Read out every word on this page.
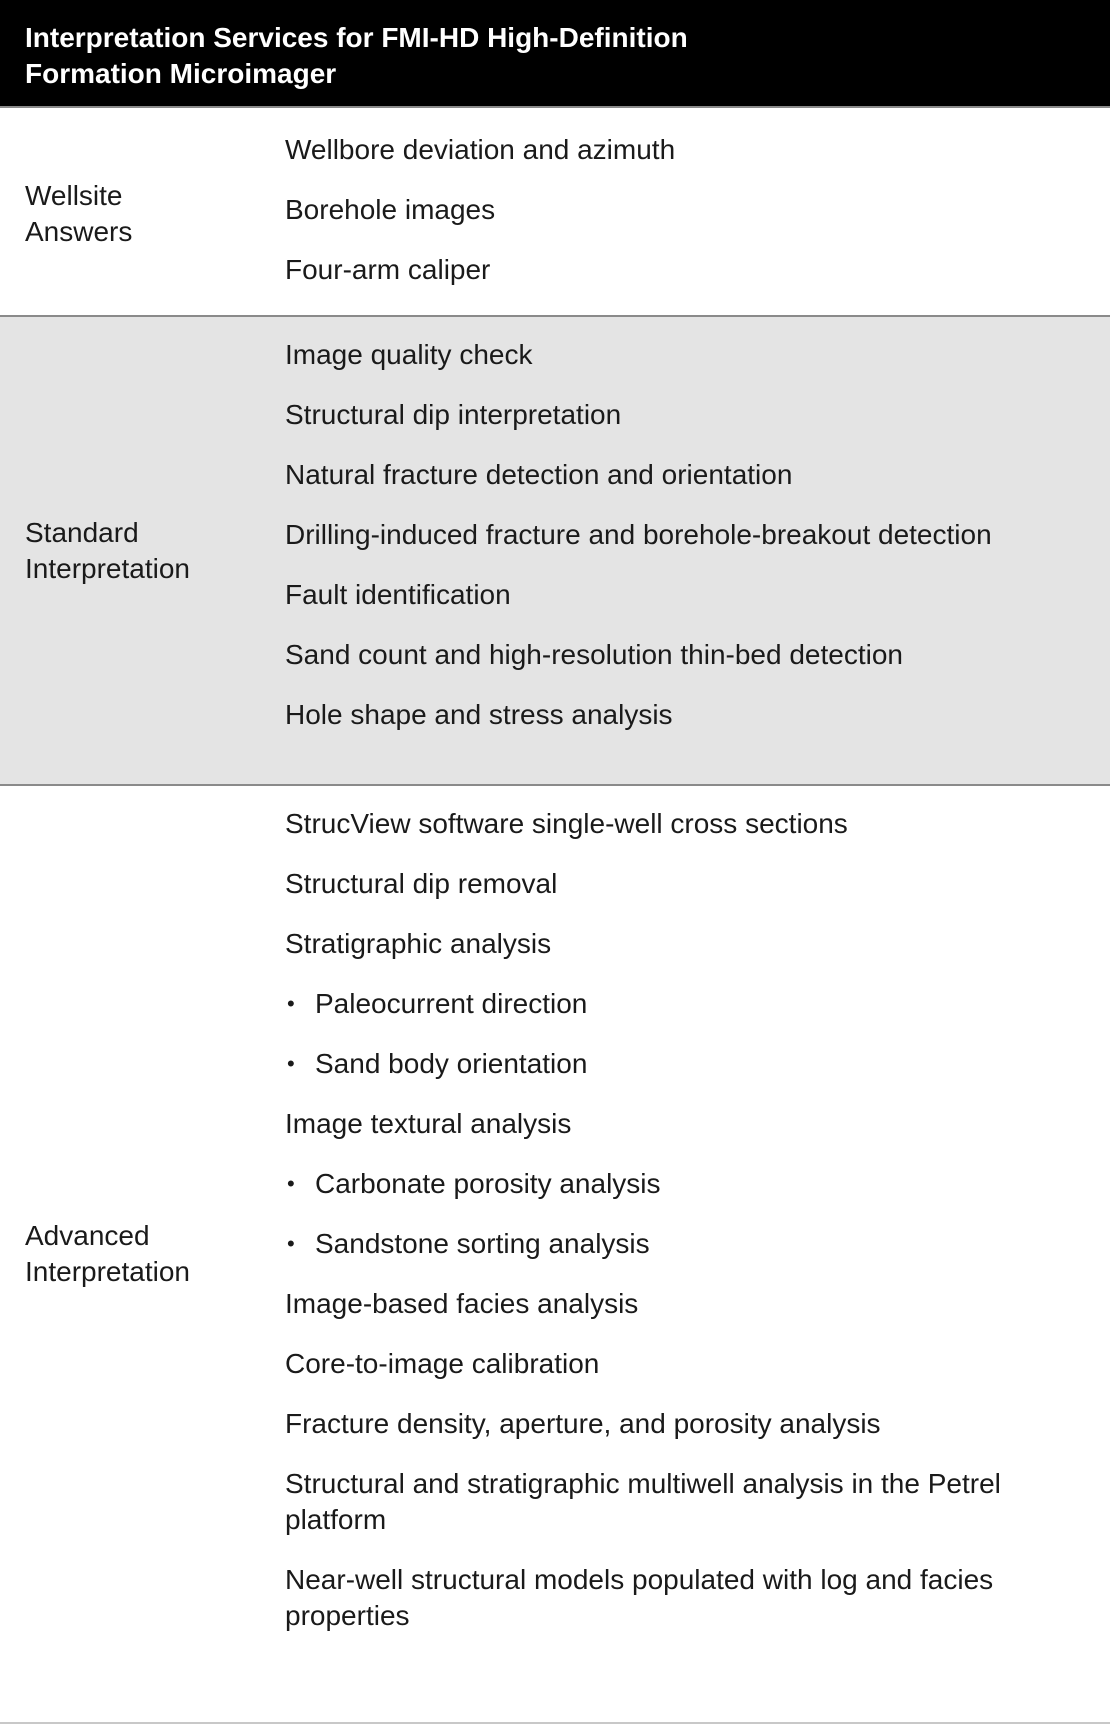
Interpretation Services for FMI-HD High-Definition
Formation Microimager
Wellsite
Answers
Wellbore deviation and azimuth
Borehole images
Four-arm caliper
Standard
Interpretation
Image quality check
Structural dip interpretation
Natural fracture detection and orientation
Drilling-induced fracture and borehole-breakout detection
Fault identification
Sand count and high-resolution thin-bed detection
Hole shape and stress analysis
Advanced
Interpretation
StrucView software single-well cross sections
Structural dip removal
Stratigraphic analysis
• Paleocurrent direction
• Sand body orientation
Image textural analysis
• Carbonate porosity analysis
• Sandstone sorting analysis
Image-based facies analysis
Core-to-image calibration
Fracture density, aperture, and porosity analysis
Structural and stratigraphic multiwell analysis in the Petrel platform
Near-well structural models populated with log and facies properties
